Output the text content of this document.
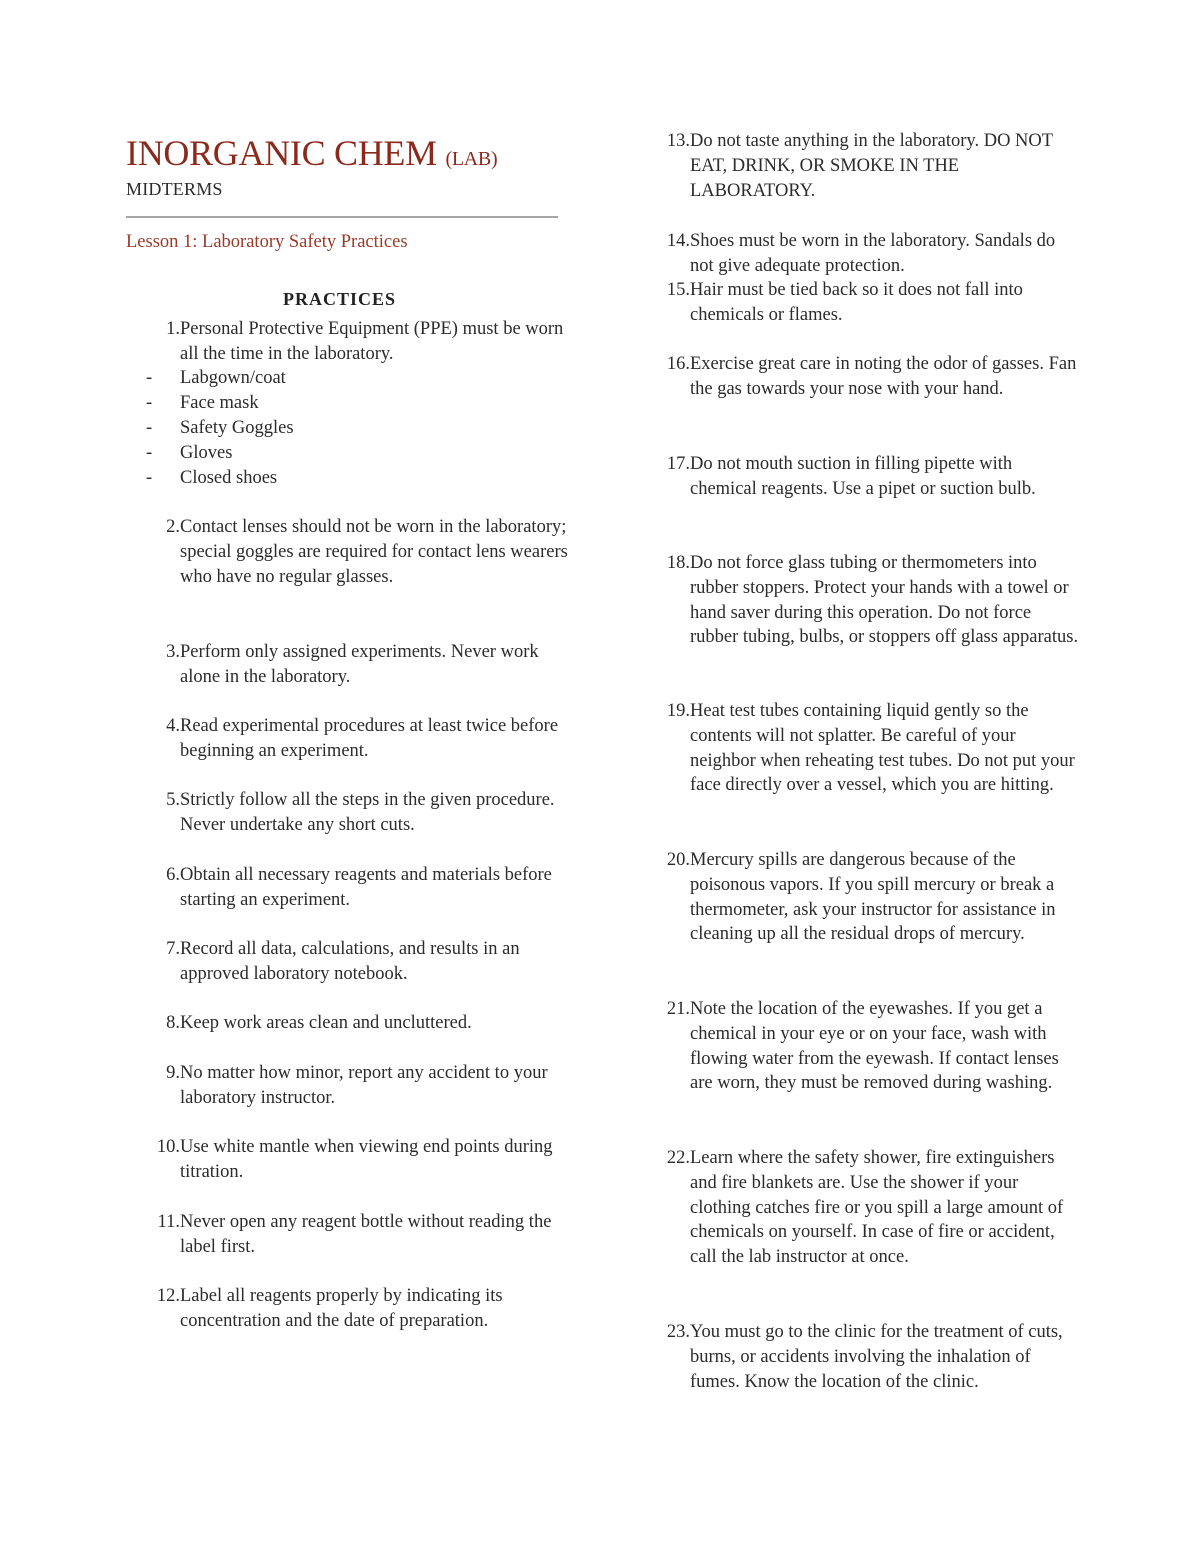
INORGANIC CHEM (LAB)
MIDTERMS
Lesson 1: Laboratory Safety Practices
PRACTICES
1. Personal Protective Equipment (PPE) must be worn all the time in the laboratory.
-	Labgown/coat
-	Face mask
-	Safety Goggles
-	Gloves
-	Closed shoes
2. Contact lenses should not be worn in the laboratory; special goggles are required for contact lens wearers who have no regular glasses.
3. Perform only assigned experiments. Never work alone in the laboratory.
4. Read experimental procedures at least twice before beginning an experiment.
5. Strictly follow all the steps in the given procedure. Never undertake any short cuts.
6. Obtain all necessary reagents and materials before starting an experiment.
7. Record all data, calculations, and results in an approved laboratory notebook.
8. Keep work areas clean and uncluttered.
9. No matter how minor, report any accident to your laboratory instructor.
10. Use white mantle when viewing end points during titration.
11. Never open any reagent bottle without reading the label first.
12. Label all reagents properly by indicating its concentration and the date of preparation.
13. Do not taste anything in the laboratory. DO NOT EAT, DRINK, OR SMOKE IN THE LABORATORY.
14. Shoes must be worn in the laboratory. Sandals do not give adequate protection.
15. Hair must be tied back so it does not fall into chemicals or flames.
16. Exercise great care in noting the odor of gasses. Fan the gas towards your nose with your hand.
17. Do not mouth suction in filling pipette with chemical reagents. Use a pipet or suction bulb.
18. Do not force glass tubing or thermometers into rubber stoppers. Protect your hands with a towel or hand saver during this operation. Do not force rubber tubing, bulbs, or stoppers off glass apparatus.
19. Heat test tubes containing liquid gently so the contents will not splatter. Be careful of your neighbor when reheating test tubes. Do not put your face directly over a vessel, which you are hitting.
20. Mercury spills are dangerous because of the poisonous vapors. If you spill mercury or break a thermometer, ask your instructor for assistance in cleaning up all the residual drops of mercury.
21. Note the location of the eyewashes. If you get a chemical in your eye or on your face, wash with flowing water from the eyewash. If contact lenses are worn, they must be removed during washing.
22. Learn where the safety shower, fire extinguishers and fire blankets are. Use the shower if your clothing catches fire or you spill a large amount of chemicals on yourself. In case of fire or accident, call the lab instructor at once.
23. You must go to the clinic for the treatment of cuts, burns, or accidents involving the inhalation of fumes. Know the location of the clinic.
